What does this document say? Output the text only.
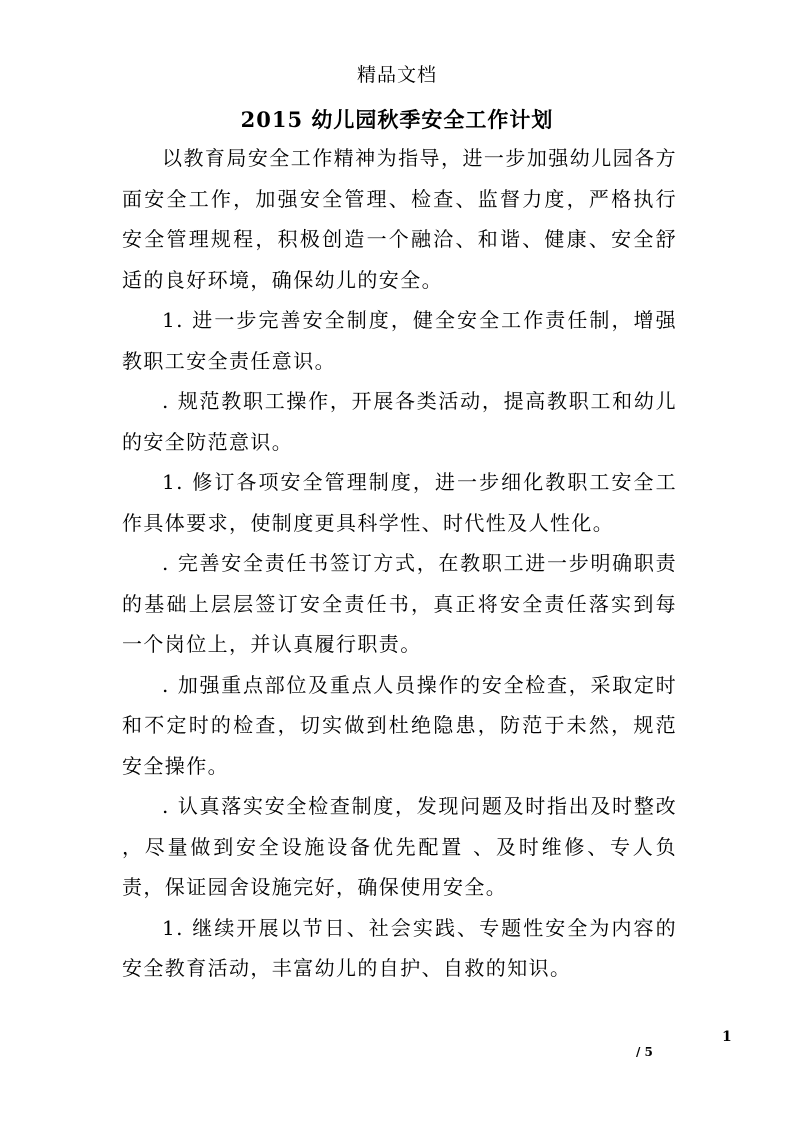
精品文档
2015 幼儿园秋季安全工作计划

以教育局安全工作精神为指导，进一步加强幼儿园各方面安全工作，加强安全管理、检查、监督力度，严格执行安全管理规程，积极创造一个融洽、和谐、健康、安全舒适的良好环境，确保幼儿的安全。

1. 进一步完善安全制度，健全安全工作责任制，增强教职工安全责任意识。

. 规范教职工操作，开展各类活动，提高教职工和幼儿的安全防范意识。

1. 修订各项安全管理制度，进一步细化教职工安全工作具体要求，使制度更具科学性、时代性及人性化。

. 完善安全责任书签订方式，在教职工进一步明确职责的基础上层层签订安全责任书，真正将安全责任落实到每一个岗位上，并认真履行职责。

. 加强重点部位及重点人员操作的安全检查，采取定时和不定时的检查，切实做到杜绝隐患，防范于未然，规范安全操作。

. 认真落实安全检查制度，发现问题及时指出及时整改 ，尽量做到安全设施设备优先配置 、及时维修、专人负责，保证园舍设施完好，确保使用安全。

1. 继续开展以节日、社会实践、专题性安全为内容的安全教育活动，丰富幼儿的自护、自救的知识。

1
/ 5
